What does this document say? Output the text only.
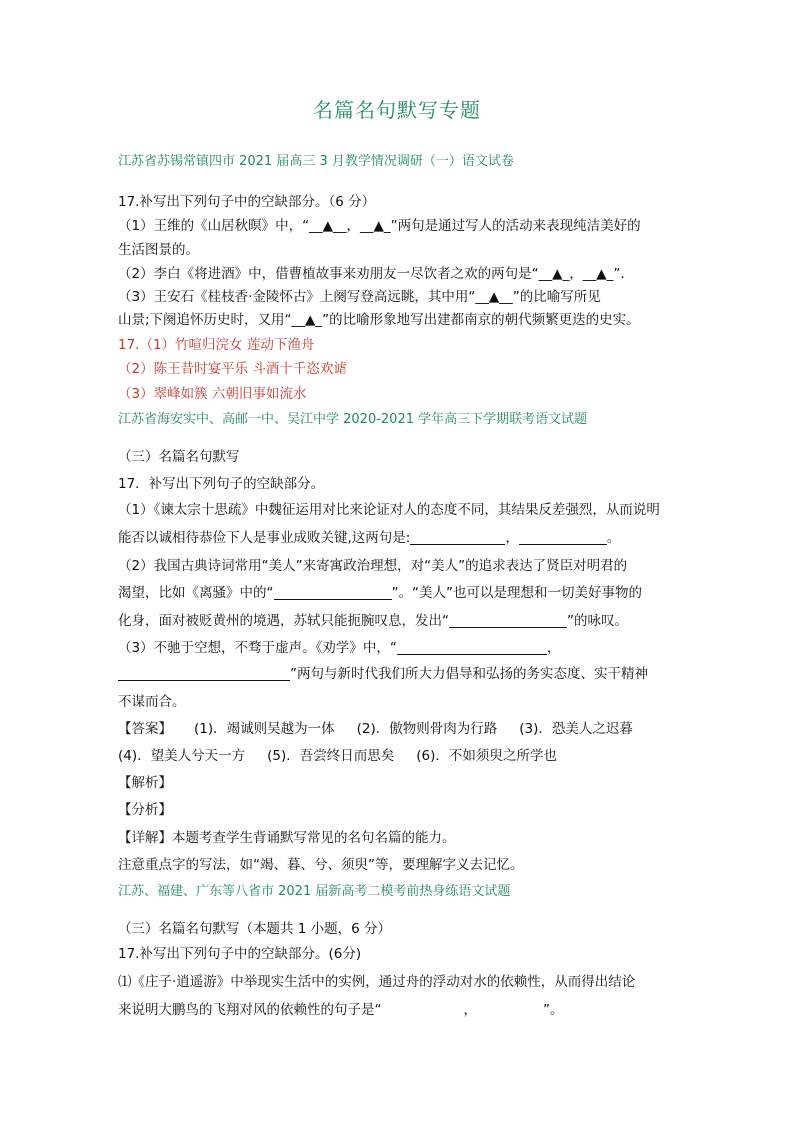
名篇名句默写专题
江苏省苏锡常镇四市 2021 届高三 3 月教学情况调研（一）语文试卷
17.补写出下列句子中的空缺部分。（6 分）
（1）王维的《山居秋暝》中，“__▲__，__▲_”两句是通过写人的活动来表现纯洁美好的
生活图景的。
（2）李白《将进酒》中，借曹植故事来劝朋友一尽饮者之欢的两句是“__▲_，__▲_”.
（3）王安石《桂枝香·金陵怀古》上阕写登高远眺，其中用“__▲__”的比喻写所见
山景;下阕追怀历史时，又用“__▲_”的比喻形象地写出建都南京的朝代频繁更迭的史实。
17.（1）竹喧归浣女 莲动下渔舟
（2）陈王昔时宴平乐 斗酒十千恣欢谑
（3）翠峰如簇 六朝旧事如流水
江苏省海安实中、高邮一中、吴江中学 2020-2021 学年高三下学期联考语文试题
（三）名篇名句默写
17．补写出下列句子的空缺部分。
（1）《谏太宗十思疏》中魏征运用对比来论证对人的态度不同，其结果反差强烈，从而说明
能否以诚相待恭俭下人是事业成败关键,这两句是:	，	。
（2）我国古典诗词常用“美人”来寄寓政治理想，对“美人”的追求表达了贤臣对明君的
渴望，比如《离骚》中的“	”。“美人”也可以是理想和一切美好事物的
化身，面对被贬黄州的境遇，苏轼只能扼腕叹息，发出“	”的咏叹。
（3）不驰于空想，不骛于虚声。《劝学》中，“	，
”两句与新时代我们所大力倡导和弘扬的务实态度、实干精神
不谋而合。
【答案】 (1)．竭诚则吴越为一体 (2)．傲物则骨肉为行路 (3)．恐美人之迟暮
(4)．望美人兮天一方 (5)．吾尝终日而思矣 (6)．不如须臾之所学也
【解析】
【分析】
【详解】本题考查学生背诵默写常见的名句名篇的能力。
注意重点字的写法，如“竭、暮、兮、须臾”等，要理解字义去记忆。
江苏、福建、广东等八省市 2021 届新高考二模考前热身练语文试题
（三）名篇名句默写（本题共 1 小题，6 分）
17.补写出下列句子中的空缺部分。(6分)
⑴《庄子·逍遥游》中举现实生活中的实例，通过舟的浮动对水的依赖性，从而得出结论
来说明大鹏鸟的飞翔对风的依赖性的句子是“	，	”。
